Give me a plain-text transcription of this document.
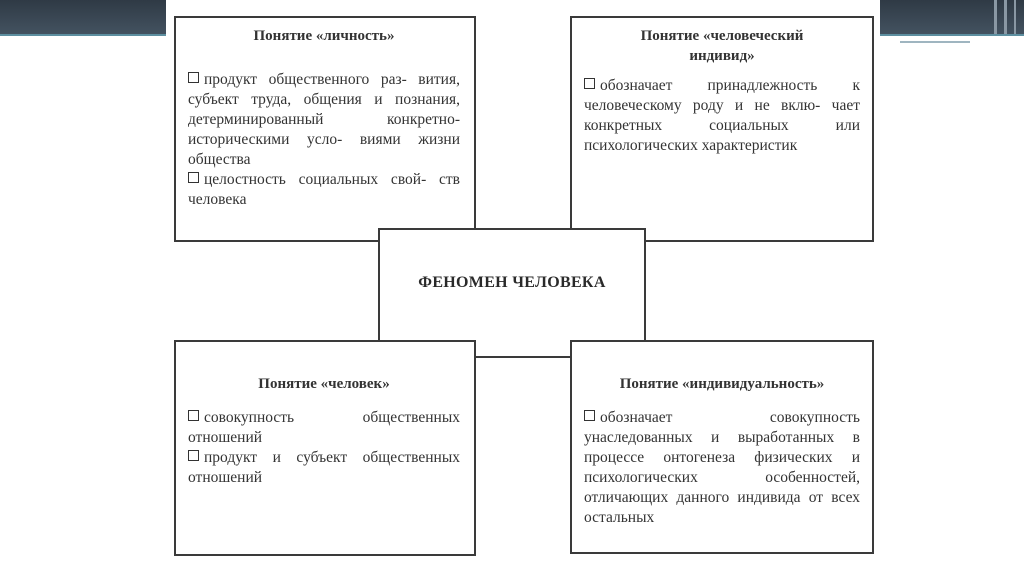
Понятие «личность»

продукт общественного раз- вития, субъект труда, общения и познания, детерминированный конкретно-историческими усло- виями жизни общества

целостность социальных свой- ств человека

Понятие «человеческий индивид»

обозначает принадлежность к человеческому роду и не вклю- чает конкретных социальных или психологических характеристик

ФЕНОМЕН ЧЕЛОВЕКА
Понятие «человек»

совокупность общественных отношений

продукт и субъект общественных отношений

Понятие «индивидуальность»

обозначает совокупность унаследованных и выработанных в процессе онтогенеза физических и психологических особенностей, отличающих данного индивида от всех остальных
